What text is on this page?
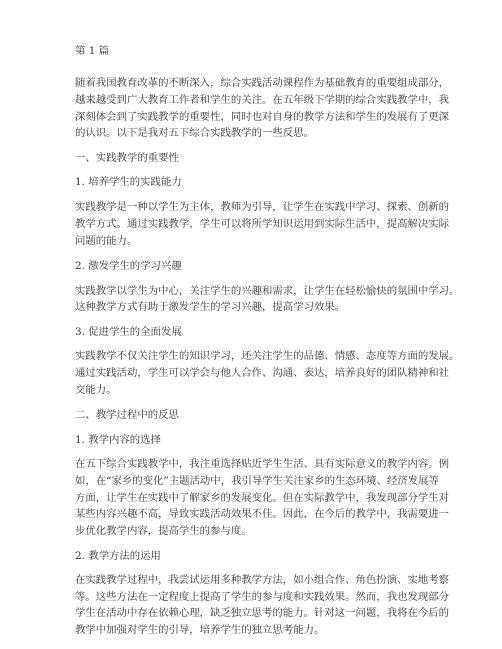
第 1 篇
随着我国教育改革的不断深入，综合实践活动课程作为基础教育的重要组成部分，
越来越受到广大教育工作者和学生的关注。在五年级下学期的综合实践教学中，我
深刻体会到了实践教学的重要性，同时也对自身的教学方法和学生的发展有了更深
的认识。以下是我对五下综合实践教学的一些反思。
一、实践教学的重要性
1. 培养学生的实践能力
实践教学是一种以学生为主体，教师为引导，让学生在实践中学习、探索、创新的
教学方式。通过实践教学，学生可以将所学知识运用到实际生活中，提高解决实际
问题的能力。
2. 激发学生的学习兴趣
实践教学以学生为中心，关注学生的兴趣和需求，让学生在轻松愉快的氛围中学习。
这种教学方式有助于激发学生的学习兴趣，提高学习效果。
3. 促进学生的全面发展
实践教学不仅关注学生的知识学习，还关注学生的品德、情感、态度等方面的发展。
通过实践活动，学生可以学会与他人合作、沟通、表达，培养良好的团队精神和社
交能力。
二、教学过程中的反思
1. 教学内容的选择
在五下综合实践教学中，我注重选择贴近学生生活、具有实际意义的教学内容。例
如，在“家乡的变化”主题活动中，我引导学生关注家乡的生态环境、经济发展等
方面，让学生在实践中了解家乡的发展变化。但在实际教学中，我发现部分学生对
某些内容兴趣不高，导致实践活动效果不佳。因此，在今后的教学中，我需要进一
步优化教学内容，提高学生的参与度。
2. 教学方法的运用
在实践教学过程中，我尝试运用多种教学方法，如小组合作、角色扮演、实地考察
等。这些方法在一定程度上提高了学生的参与度和实践效果。然而，我也发现部分
学生在活动中存在依赖心理，缺乏独立思考的能力。针对这一问题，我将在今后的
教学中加强对学生的引导，培养学生的独立思考能力。
